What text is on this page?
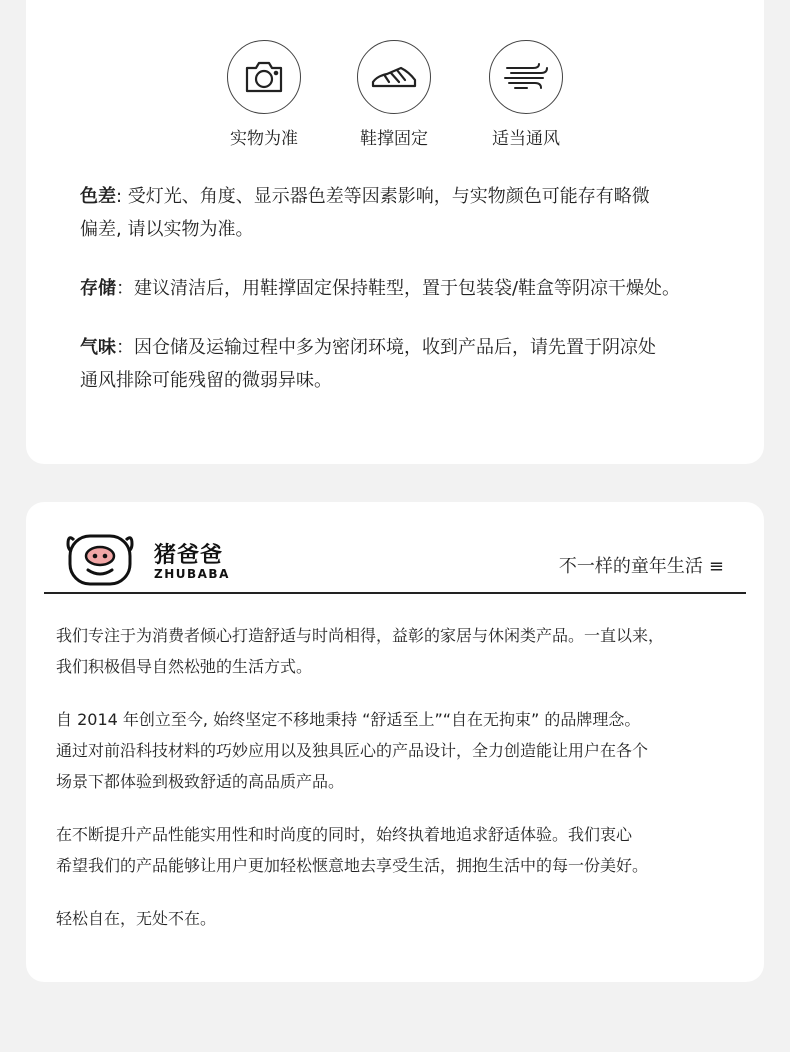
实物为准	鞋撑固定	适当通风

色差: 受灯光、角度、显示器色差等因素影响，与实物颜色可能存有略微
偏差, 请以实物为准。

存储：建议清洁后，用鞋撑固定保持鞋型，置于包装袋/鞋盒等阴凉干燥处。

气味：因仓储及运输过程中多为密闭环境，收到产品后，请先置于阴凉处
通风排除可能残留的微弱异味。

猪爸爸
ZHUBABA	不一样的童年生活 ≡

我们专注于为消费者倾心打造舒适与时尚相得，益彰的家居与休闲类产品。一直以来，
我们积极倡导自然松弛的生活方式。

自 2014 年创立至今, 始终坚定不移地秉持 “舒适至上”“自在无拘束” 的品牌理念。
通过对前沿科技材料的巧妙应用以及独具匠心的产品设计，全力创造能让用户在各个
场景下都体验到极致舒适的高品质产品。

在不断提升产品性能实用性和时尚度的同时，始终执着地追求舒适体验。我们衷心
希望我们的产品能够让用户更加轻松惬意地去享受生活，拥抱生活中的每一份美好。

轻松自在，无处不在。
